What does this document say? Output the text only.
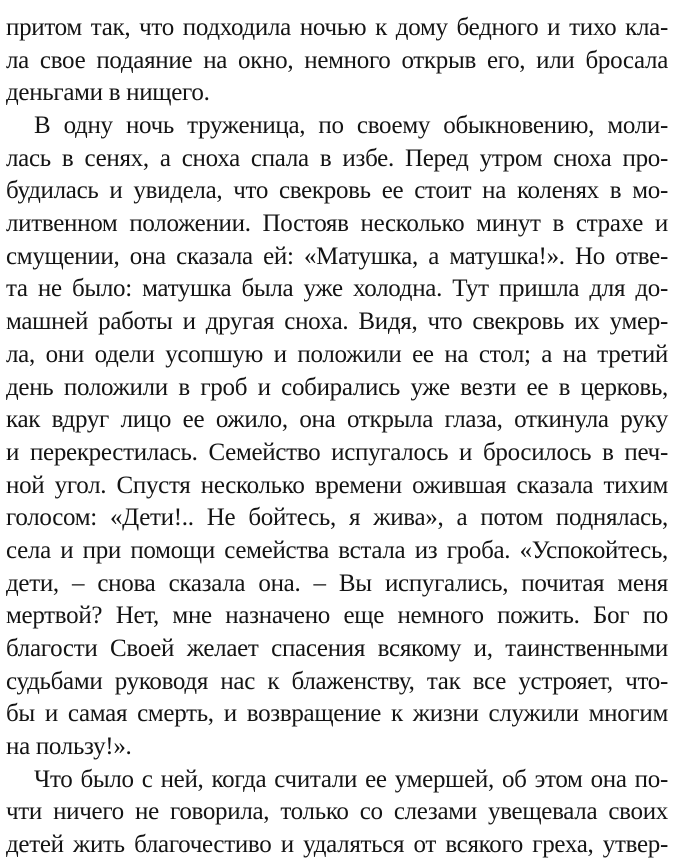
притом так, что подходила ночью к дому бедного и тихо кла-
ла свое подаяние на окно, немного открыв его, или бросала
деньгами в нищего.
В одну ночь труженица, по своему обыкновению, моли-
лась в сенях, а сноха спала в избе. Перед утром сноха про-
будилась и увидела, что свекровь ее стоит на коленях в мо-
литвенном положении. Постояв несколько минут в страхе и
смущении, она сказала ей: «Матушка, а матушка!». Но отве-
та не было: матушка была уже холодна. Тут пришла для до-
машней работы и другая сноха. Видя, что свекровь их умер-
ла, они одели усопшую и положили ее на стол; а на третий
день положили в гроб и собирались уже везти ее в церковь,
как вдруг лицо ее ожило, она открыла глаза, откинула руку
и перекрестилась. Семейство испугалось и бросилось в печ-
ной угол. Спустя несколько времени ожившая сказала тихим
голосом: «Дети!.. Не бойтесь, я жива», а потом поднялась,
села и при помощи семейства встала из гроба. «Успокойтесь,
дети, – снова сказала она. – Вы испугались, почитая меня
мертвой? Нет, мне назначено еще немного пожить. Бог по
благости Своей желает спасения всякому и, таинственными
судьбами руководя нас к блаженству, так все устрояет, что-
бы и самая смерть, и возвращение к жизни служили многим
на пользу!».
Что было с ней, когда считали ее умершей, об этом она по-
чти ничего не говорила, только со слезами увещевала своих
детей жить благочестиво и удаляться от всякого греха, утвер-
